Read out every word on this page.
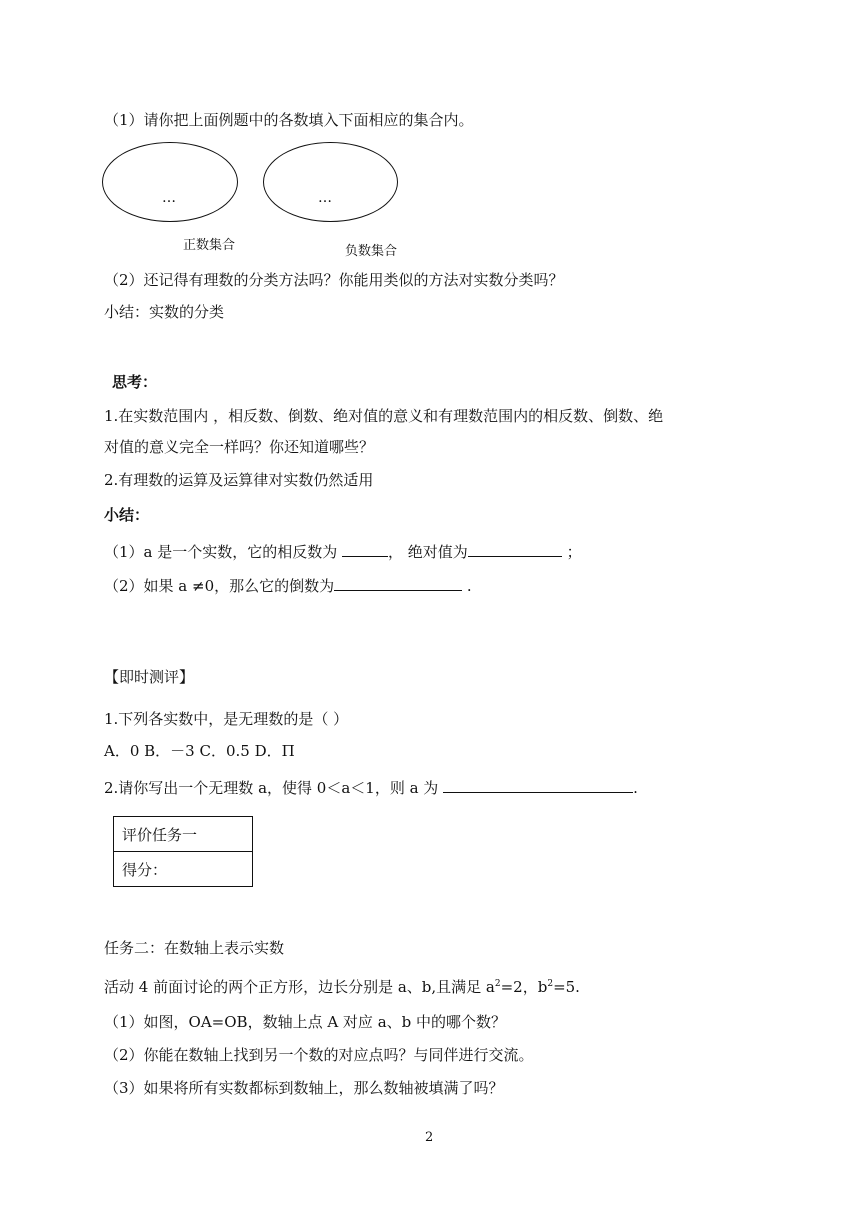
（1）请你把上面例题中的各数填入下面相应的集合内。
…	…
正数集合	负数集合
（2）还记得有理数的分类方法吗？你能用类似的方法对实数分类吗？
小结：实数的分类
思考：
1.在实数范围内 ，相反数、倒数、绝对值的意义和有理数范围内的相反数、倒数、绝
对值的意义完全一样吗？你还知道哪些？
2.有理数的运算及运算律对实数仍然适用
小结：
（1）a 是一个实数，它的相反数为	， 绝对值为	；
（2）如果 a ≠0，那么它的倒数为	.
【即时测评】
1.下列各实数中，是无理数的是（ ）
A．0 B．－3 C．0.5 D．Π
2.请你写出一个无理数 a，使得 0＜a＜1，则 a 为	.
评价任务一
得分：
任务二：在数轴上表示实数
活动 4 前面讨论的两个正方形，边长分别是 a、b,且满足 $a^2=2$，$b^2=5$.
（1）如图，OA=OB，数轴上点 A 对应 a、b 中的哪个数？
（2）你能在数轴上找到另一个数的对应点吗？与同伴进行交流。
（3）如果将所有实数都标到数轴上，那么数轴被填满了吗？
2
